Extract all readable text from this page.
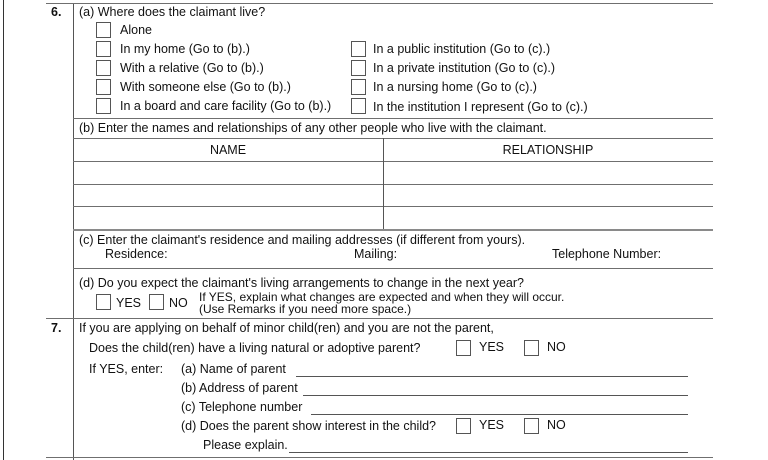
6. (a) Where does the claimant live?
Alone
In my home (Go to (b).)
With a relative (Go to (b).)
With someone else (Go to (b).)
In a board and care facility (Go to (b).)
In a public institution (Go to (c).)
In a private institution (Go to (c).)
In a nursing home (Go to (c).)
In the institution I represent (Go to (c).)
(b) Enter the names and relationships of any other people who live with the claimant.
NAME	RELATIONSHIP
(c) Enter the claimant's residence and mailing addresses (if different from yours).
Residence:	Mailing:	Telephone Number:
(d) Do you expect the claimant's living arrangements to change in the next year?
YES NO If YES, explain what changes are expected and when they will occur.
(Use Remarks if you need more space.)
7. If you are applying on behalf of minor child(ren) and you are not the parent,
Does the child(ren) have a living natural or adoptive parent?	YES	NO
If YES, enter: (a) Name of parent
(b) Address of parent
(c) Telephone number
(d) Does the parent show interest in the child?	YES	NO
Please explain.
